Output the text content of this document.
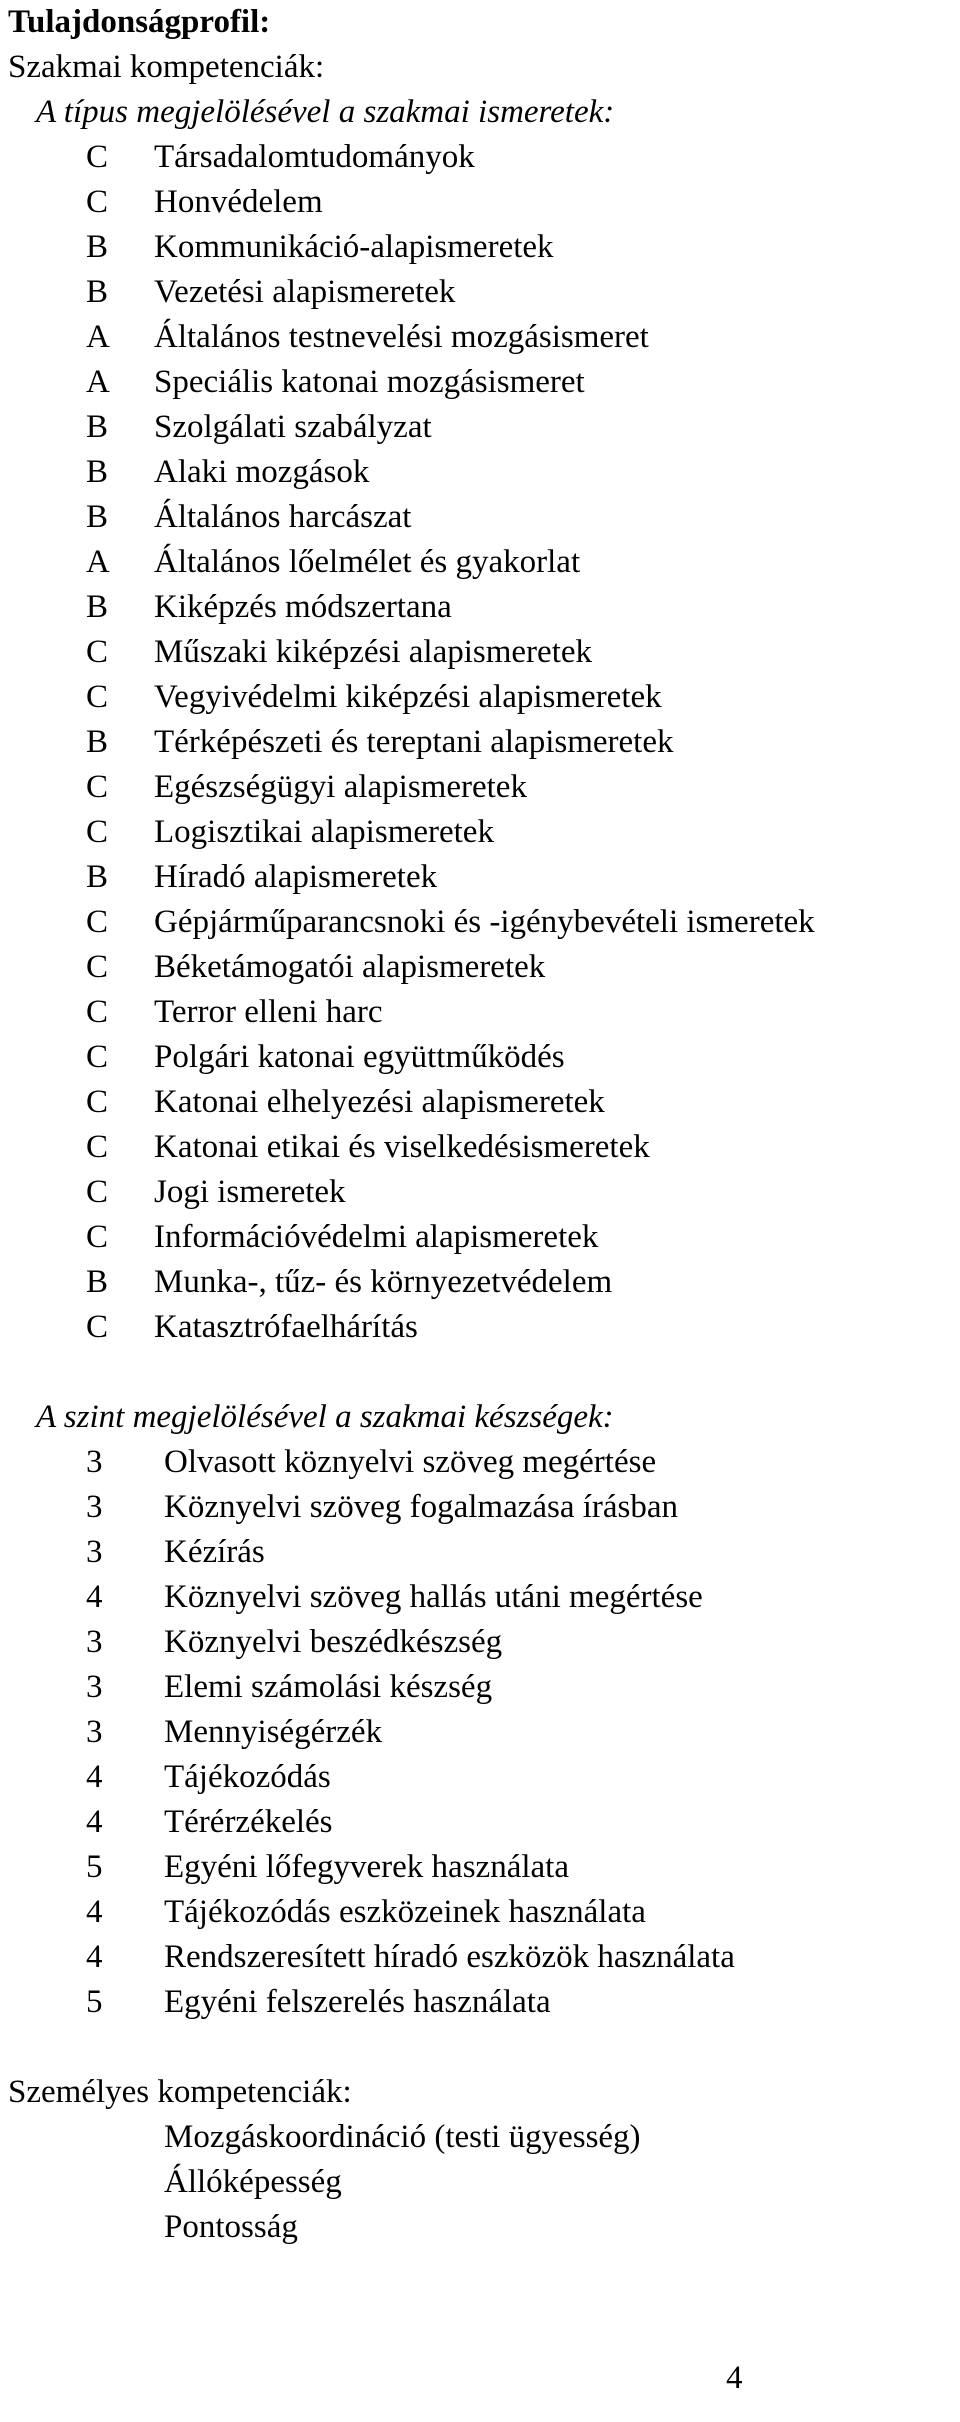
Tulajdonságprofil:
Szakmai kompetenciák:
A típus megjelölésével a szakmai ismeretek:
C	Társadalomtudományok
C	Honvédelem
B	Kommunikáció-alapismeretek
B	Vezetési alapismeretek
A	Általános testnevelési mozgásismeret
A	Speciális katonai mozgásismeret
B	Szolgálati szabályzat
B	Alaki mozgások
B	Általános harcászat
A	Általános lőelmélet és gyakorlat
B	Kiképzés módszertana
C	Műszaki kiképzési alapismeretek
C	Vegyivédelmi kiképzési alapismeretek
B	Térképészeti és tereptani alapismeretek
C	Egészségügyi alapismeretek
C	Logisztikai alapismeretek
B	Híradó alapismeretek
C	Gépjárműparancsnoki és -igénybevételi ismeretek
C	Béketámogatói alapismeretek
C	Terror elleni harc
C	Polgári katonai együttműködés
C	Katonai elhelyezési alapismeretek
C	Katonai etikai és viselkedésismeretek
C	Jogi ismeretek
C	Információvédelmi alapismeretek
B	Munka-, tűz- és környezetvédelem
C	Katasztrófaelhárítás
A szint megjelölésével a szakmai készségek:
3	Olvasott köznyelvi szöveg megértése
3	Köznyelvi szöveg fogalmazása írásban
3	Kézírás
4	Köznyelvi szöveg hallás utáni megértése
3	Köznyelvi beszédkészség
3	Elemi számolási készség
3	Mennyiségérzék
4	Tájékozódás
4	Térérzékelés
5	Egyéni lőfegyverek használata
4	Tájékozódás eszközeinek használata
4	Rendszeresített híradó eszközök használata
5	Egyéni felszerelés használata
Személyes kompetenciák:
Mozgáskoordináció (testi ügyesség)
Állóképesség
Pontosság
4
